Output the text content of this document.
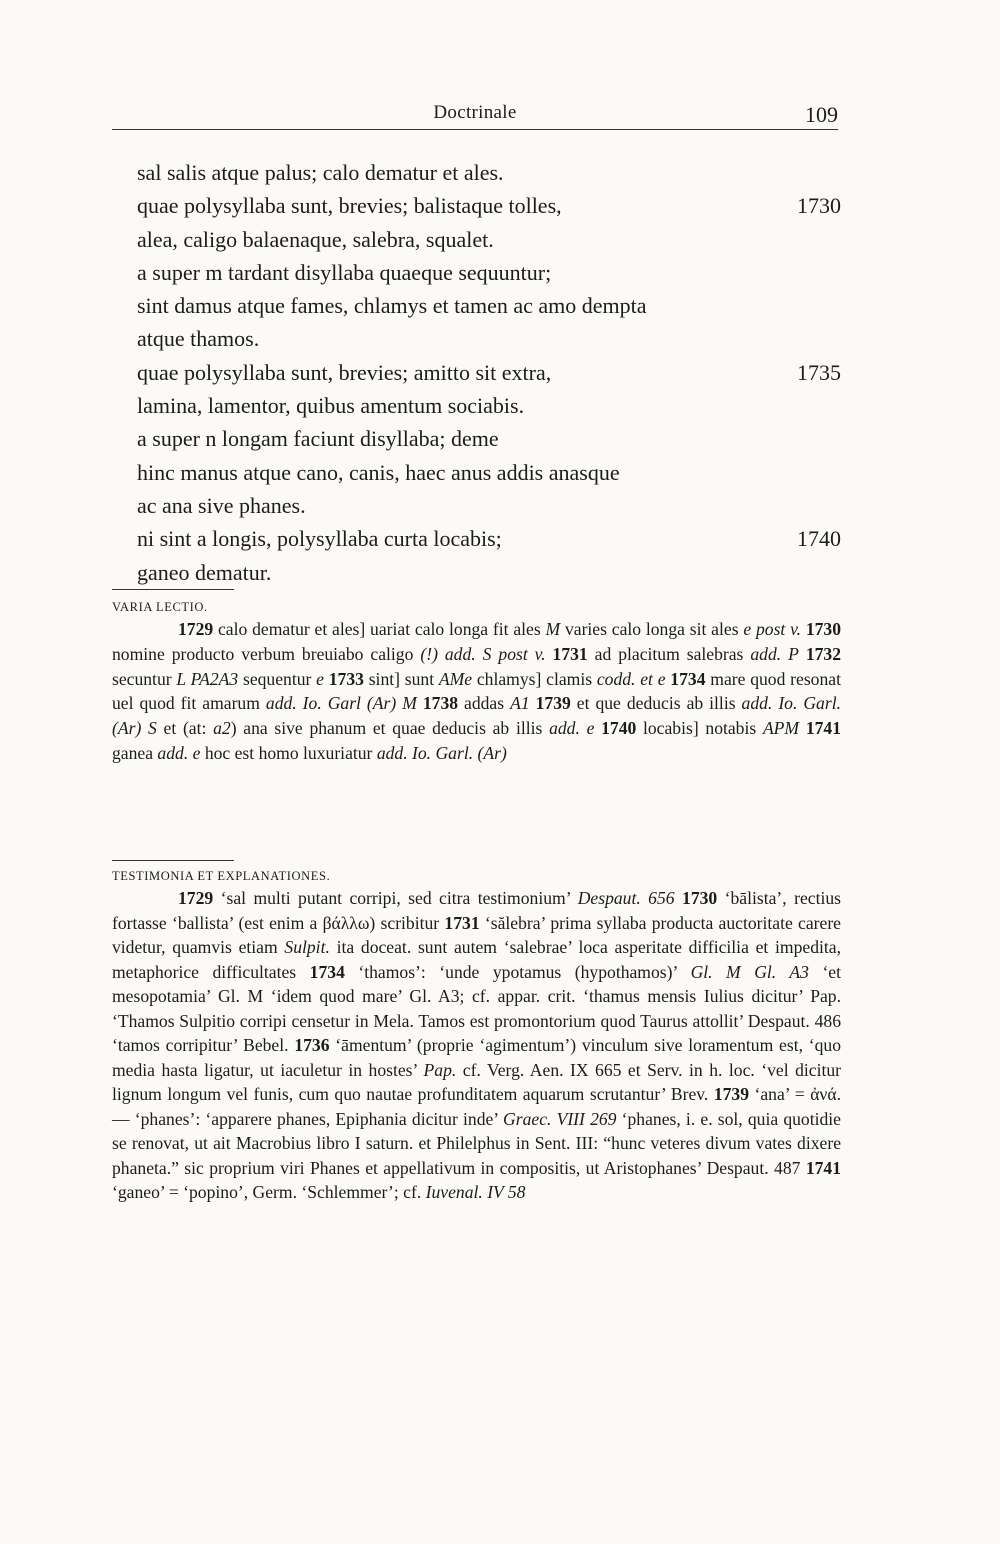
Doctrinale	109
sal salis atque palus; calo dematur et ales.
quae polysyllaba sunt, brevies; balistaque tolles,	1730
alea, caligo balaenaque, salebra, squalet.
a super m tardant disyllaba quaeque sequuntur;
sint damus atque fames, chlamys et tamen ac amo dempta
atque thamos.
quae polysyllaba sunt, brevies; amitto sit extra,	1735
lamina, lamentor, quibus amentum sociabis.
a super n longam faciunt disyllaba; deme
hinc manus atque cano, canis, haec anus addis anasque
ac ana sive phanes.
ni sint a longis, polysyllaba curta locabis;	1740
ganeo dematur.
VARIA LECTIO.

1729 calo dematur et ales] uariat calo longa fit ales M varies calo longa sit ales e post v. 1730 nomine producto verbum breuiabo caligo (!) add. S post v. 1731 ad placitum salebras add. P 1732 secuntur L PA2A3 sequentur e 1733 sint] sunt AMe chlamys] clamis codd. et e 1734 mare quod resonat uel quod fit amarum add. Io. Garl (Ar) M 1738 addas A1 1739 et que deducis ab illis add. Io. Garl. (Ar) S et (at: a2) ana sive phanum et quae deducis ab illis add. e 1740 locabis] notabis APM 1741 ganea add. e hoc est homo luxuriatur add. Io. Garl. (Ar)

TESTIMONIA ET EXPLANATIONES.

1729 ‘sal multi putant corripi, sed citra testimonium’ Despaut. 656 1730 ‘bālista’, rectius fortasse ‘ballista’ (est enim a βάλλω) scribitur 1731 ‘sălebra’ prima syllaba producta auctoritate carere videtur, quamvis etiam Sulpit. ita doceat. sunt autem ‘salebrae’ loca asperitate difficilia et impedita, metaphorice difficultates 1734 ‘thamos’: ‘unde ypotamus (hypothamos)’ Gl. M Gl. A3 ‘et mesopotamia’ Gl. M ‘idem quod mare’ Gl. A3; cf. appar. crit. ‘thamus mensis Iulius dicitur’ Pap. ‘Thamos Sulpitio corripi censetur in Mela. Tamos est promontorium quod Taurus attollit’ Despaut. 486 ‘tamos corripitur’ Bebel. 1736 ‘āmentum’ (proprie ‘agimentum’) vinculum sive loramentum est, ‘quo media hasta ligatur, ut iaculetur in hostes’ Pap. cf. Verg. Aen. IX 665 et Serv. in h. loc. ‘vel dicitur lignum longum vel funis, cum quo nautae profunditatem aquarum scrutantur’ Brev. 1739 ‘ana’ = ἀνά. — ‘phanes’: ‘apparere phanes, Epiphania dicitur inde’ Graec. VIII 269 ‘phanes, i. e. sol, quia quotidie se renovat, ut ait Macrobius libro I saturn. et Philelphus in Sent. III: “hunc veteres divum vates dixere phaneta.” sic proprium viri Phanes et appellativum in compositis, ut Aristophanes’ Despaut. 487 1741 ‘ganeo’ = ‘popino’, Germ. ‘Schlemmer’; cf. Iuvenal. IV 58
